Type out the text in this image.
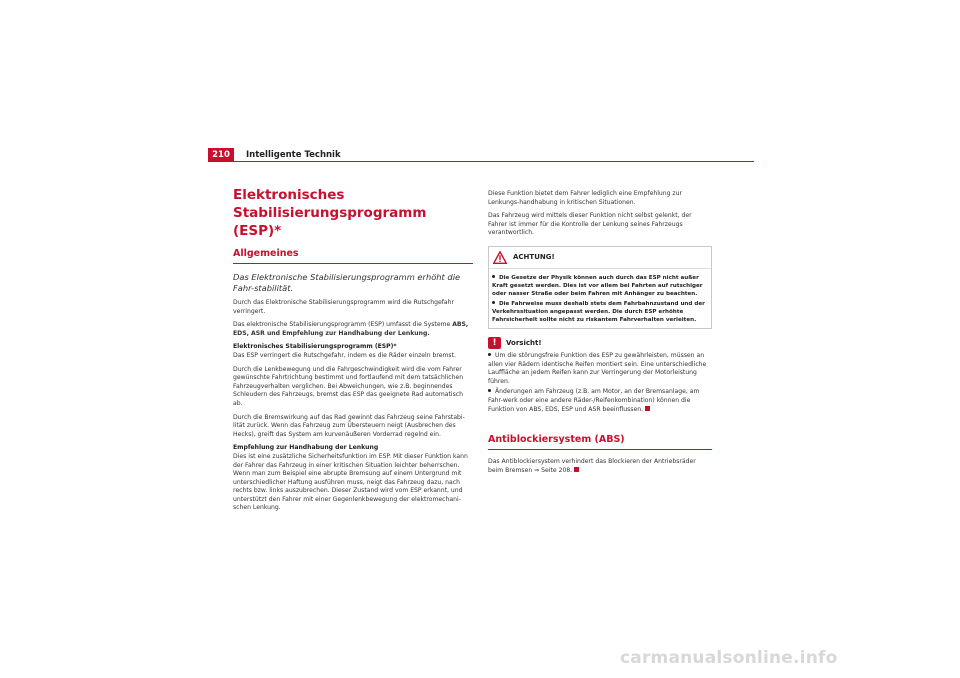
210	Intelligente Technik
Elektronisches Stabilisierungsprogramm (ESP)*
Allgemeines
Das Elektronische Stabilisierungsprogramm erhöht die Fahr-stabilität.

Durch das Elektronische Stabilisierungsprogramm wird die Rutschgefahr verringert.

Das elektronische Stabilisierungsprogramm (ESP) umfasst die Systeme ABS, EDS, ASR und Empfehlung zur Handhabung der Lenkung.

Elektronisches Stabilisierungsprogramm (ESP)*

Das ESP verringert die Rutschgefahr, indem es die Räder einzeln bremst.

Durch die Lenkbewegung und die Fahrgeschwindigkeit wird die vom Fahrer gewünschte Fahrtrichtung bestimmt und fortlaufend mit dem tatsächlichen Fahrzeugverhalten verglichen. Bei Abweichungen, wie z.B. beginnendes Schleudern des Fahrzeugs, bremst das ESP das geeignete Rad automatisch ab.

Durch die Bremswirkung auf das Rad gewinnt das Fahrzeug seine Fahrstabi-lität zurück. Wenn das Fahrzeug zum Übersteuern neigt (Ausbrechen des Hecks), greift das System am kurvenäußeren Vorderrad regelnd ein.

Empfehlung zur Handhabung der Lenkung

Dies ist eine zusätzliche Sicherheitsfunktion im ESP. Mit dieser Funktion kann der Fahrer das Fahrzeug in einer kritischen Situation leichter beherrschen. Wenn man zum Beispiel eine abrupte Bremsung auf einem Untergrund mit unterschiedlicher Haftung ausführen muss, neigt das Fahrzeug dazu, nach rechts bzw. links auszubrechen. Dieser Zustand wird vom ESP erkannt, und unterstützt den Fahrer mit einer Gegenlenkbewegung der elektromechani-schen Lenkung.

Diese Funktion bietet dem Fahrer lediglich eine Empfehlung zur Lenkungs-handhabung in kritischen Situationen.

Das Fahrzeug wird mittels dieser Funktion nicht selbst gelenkt, der Fahrer ist immer für die Kontrolle der Lenkung seines Fahrzeugs verantwortlich.

ACHTUNG!

Die Gesetze der Physik können auch durch das ESP nicht außer Kraft gesetzt werden. Dies ist vor allem bei Fahrten auf rutschiger oder nasser Straße oder beim Fahren mit Anhänger zu beachten.

Die Fahrweise muss deshalb stets dem Fahrbahnzustand und der Verkehrssituation angepasst werden. Die durch ESP erhöhte Fahrsicherheit sollte nicht zu riskantem Fahrverhalten verleiten.

!	Vorsicht!

Um die störungsfreie Funktion des ESP zu gewährleisten, müssen an allen vier Rädern identische Reifen montiert sein. Eine unterschiedliche Lauffläche an jedem Reifen kann zur Verringerung der Motorleistung führen.

Änderungen am Fahrzeug (z.B. am Motor, an der Bremsanlage, am Fahr-werk oder eine andere Räder-/Reifenkombination) können die Funktion von ABS, EDS, ESP und ASR beeinflussen.

Antiblockiersystem (ABS)

Das Antiblockiersystem verhindert das Blockieren der Antriebsräder beim Bremsen ⇒ Seite 208.

carmanualsonline.info
